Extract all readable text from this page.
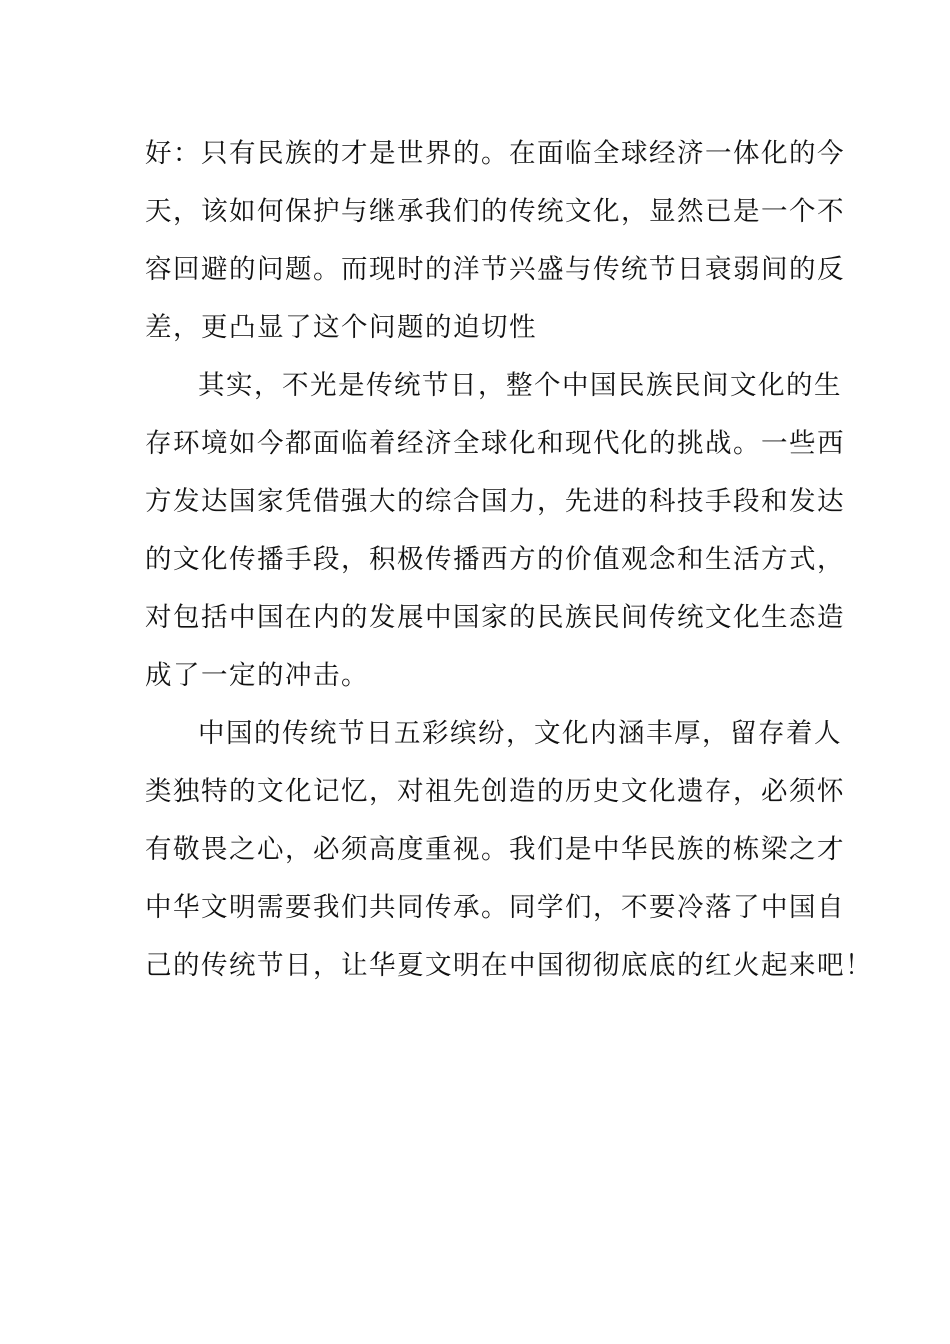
好：只有民族的才是世界的。在面临全球经济一体化的今
天，该如何保护与继承我们的传统文化，显然已是一个不
容回避的问题。而现时的洋节兴盛与传统节日衰弱间的反
差，更凸显了这个问题的迫切性
其实，不光是传统节日，整个中国民族民间文化的生
存环境如今都面临着经济全球化和现代化的挑战。一些西
方发达国家凭借强大的综合国力，先进的科技手段和发达
的文化传播手段，积极传播西方的价值观念和生活方式，
对包括中国在内的发展中国家的民族民间传统文化生态造
成了一定的冲击。
中国的传统节日五彩缤纷，文化内涵丰厚，留存着人
类独特的文化记忆，对祖先创造的历史文化遗存，必须怀
有敬畏之心，必须高度重视。我们是中华民族的栋梁之才
中华文明需要我们共同传承。同学们，不要冷落了中国自
己的传统节日，让华夏文明在中国彻彻底底的红火起来吧！
